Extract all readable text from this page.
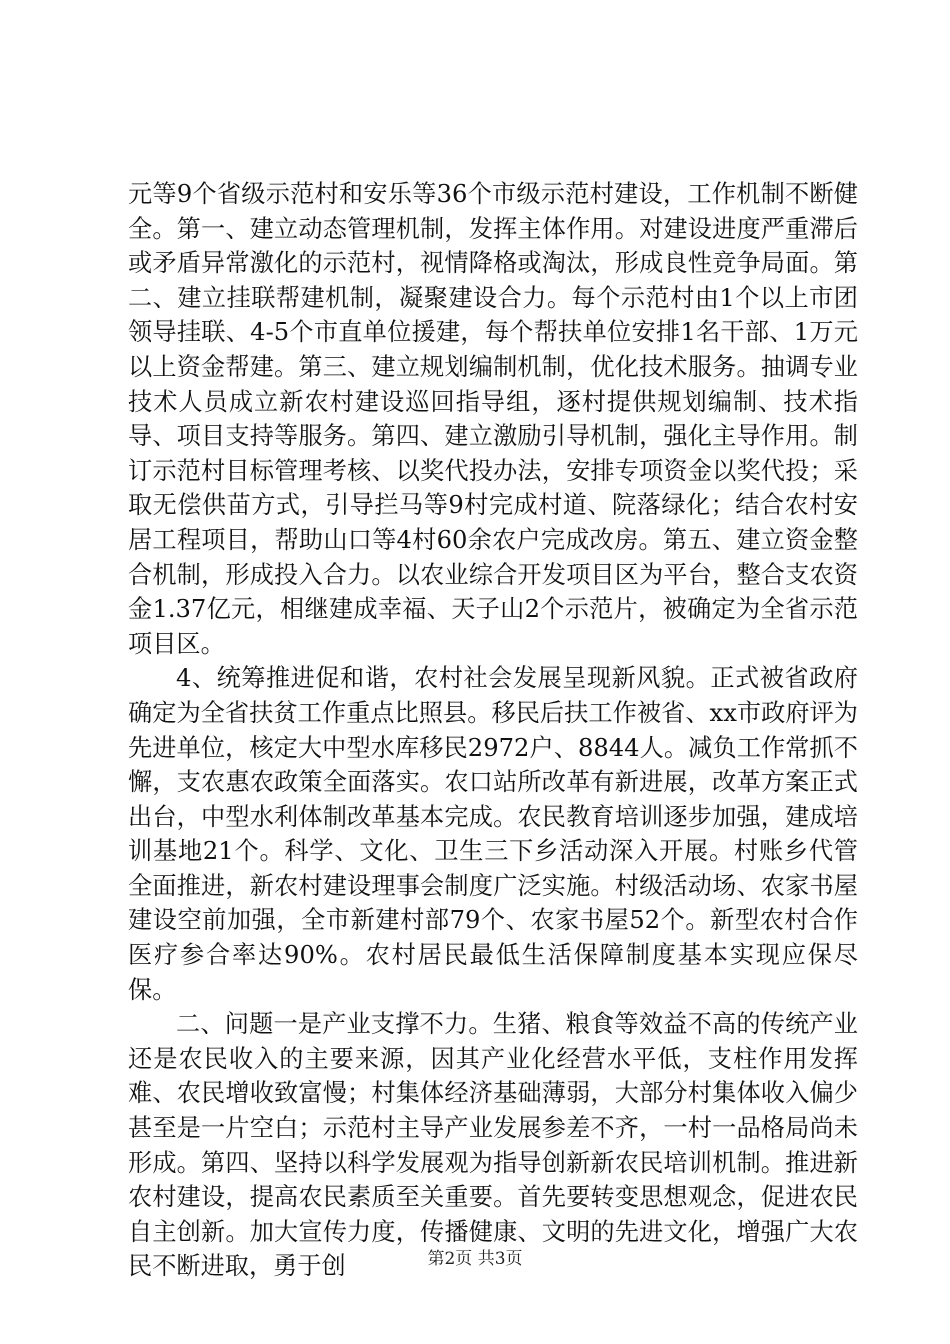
元等9个省级示范村和安乐等36个市级示范村建设，工作机制不断健全。第一、建立动态管理机制，发挥主体作用。对建设进度严重滞后或矛盾异常激化的示范村，视情降格或淘汰，形成良性竞争局面。第二、建立挂联帮建机制，凝聚建设合力。每个示范村由1个以上市团领导挂联、4-5个市直单位援建，每个帮扶单位安排1名干部、1万元以上资金帮建。第三、建立规划编制机制，优化技术服务。抽调专业技术人员成立新农村建设巡回指导组，逐村提供规划编制、技术指导、项目支持等服务。第四、建立激励引导机制，强化主导作用。制订示范村目标管理考核、以奖代投办法，安排专项资金以奖代投；采取无偿供苗方式，引导拦马等9村完成村道、院落绿化；结合农村安居工程项目，帮助山口等4村60余农户完成改房。第五、建立资金整合机制，形成投入合力。以农业综合开发项目区为平台，整合支农资金1.37亿元，相继建成幸福、天子山2个示范片，被确定为全省示范项目区。

4、统筹推进促和谐，农村社会发展呈现新风貌。正式被省政府确定为全省扶贫工作重点比照县。移民后扶工作被省、xx市政府评为先进单位，核定大中型水库移民2972户、8844人。减负工作常抓不懈，支农惠农政策全面落实。农口站所改革有新进展，改革方案正式出台，中型水利体制改革基本完成。农民教育培训逐步加强，建成培训基地21个。科学、文化、卫生三下乡活动深入开展。村账乡代管全面推进，新农村建设理事会制度广泛实施。村级活动场、农家书屋建设空前加强，全市新建村部79个、农家书屋52个。新型农村合作医疗参合率达90%。农村居民最低生活保障制度基本实现应保尽保。

二、问题一是产业支撑不力。生猪、粮食等效益不高的传统产业还是农民收入的主要来源，因其产业化经营水平低，支柱作用发挥难、农民增收致富慢；村集体经济基础薄弱，大部分村集体收入偏少甚至是一片空白；示范村主导产业发展参差不齐，一村一品格局尚未形成。第四、坚持以科学发展观为指导创新新农民培训机制。推进新农村建设，提高农民素质至关重要。首先要转变思想观念，促进农民自主创新。加大宣传力度，传播健康、文明的先进文化，增强广大农民不断进取，勇于创	第2页 共3页
